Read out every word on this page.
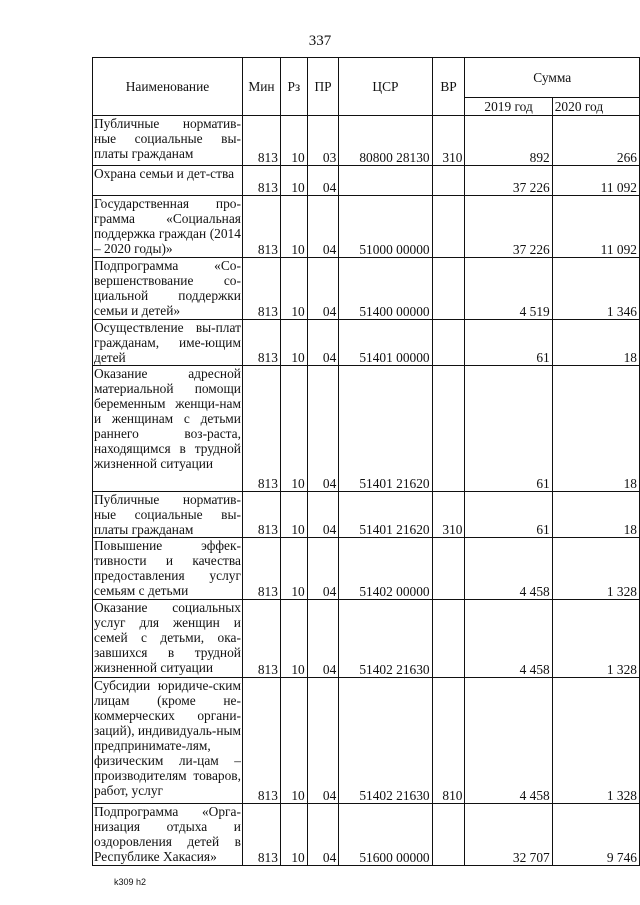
337
Наименование	Мин	Рз	ПР	ЦСР	ВР	Сумма	
						2019 год	2020 год
Публичные норматив-ные социальные вы-платы гражданам	813	10	03	80800 28130	310	892	266
Охрана семьи и дет-ства	813	10	04			37 226	11 092
Государственная про-грамма «Социальная поддержка граждан (2014 – 2020 годы)»	813	10	04	51000 00000		37 226	11 092
Подпрограмма «Со-вершенствование со-циальной поддержки семьи и детей»	813	10	04	51400 00000		4 519	1 346
Осуществление вы-плат гражданам, име-ющим детей	813	10	04	51401 00000		61	18
Оказание адресной материальной помощи беременным женщи-нам и женщинам с детьми раннего воз-раста, находящимся в трудной жизненной ситуации	813	10	04	51401 21620		61	18
Публичные норматив-ные социальные вы-платы гражданам	813	10	04	51401 21620	310	61	18
Повышение эффек-тивности и качества предоставления услуг семьям с детьми	813	10	04	51402 00000		4 458	1 328
Оказание социальных услуг для женщин и семей с детьми, ока-завшихся в трудной жизненной ситуации	813	10	04	51402 21630		4 458	1 328
Субсидии юридиче-ским лицам (кроме не-коммерческих органи-заций), индивидуаль-ным предпринимате-лям, физическим ли-цам – производителям товаров, работ, услуг	813	10	04	51402 21630	810	4 458	1 328
Подпрограмма «Орга-низация отдыха и оздоровления детей в Республике Хакасия»	813	10	04	51600 00000		32 707	9 746
k309 h2
